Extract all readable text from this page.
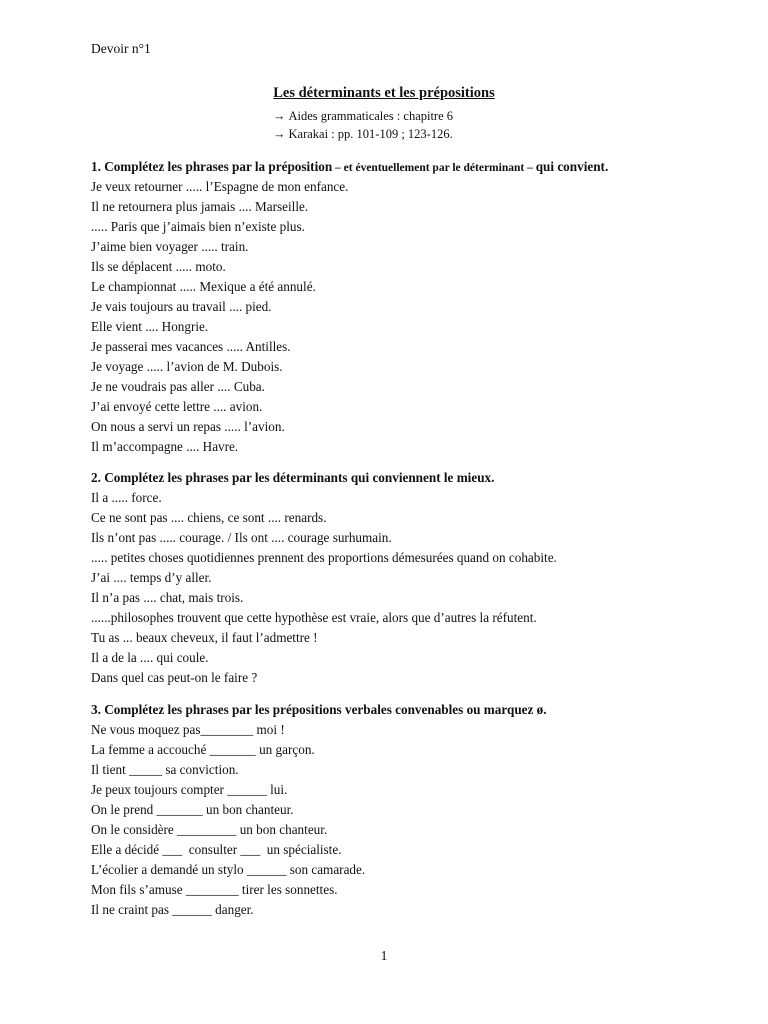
Devoir n°1
Les déterminants et les prépositions
→ Aides grammaticales : chapitre 6
→ Karakai : pp. 101-109 ; 123-126.
1. Complétez les phrases par la préposition – et éventuellement par le déterminant – qui convient.
Je veux retourner ..... l’Espagne de mon enfance.
Il ne retournera plus jamais .... Marseille.
..... Paris que j’aimais bien n’existe plus.
J’aime bien voyager ..... train.
Ils se déplacent ..... moto.
Le championnat ..... Mexique a été annulé.
Je vais toujours au travail .... pied.
Elle vient .... Hongrie.
Je passerai mes vacances ..... Antilles.
Je voyage ..... l’avion de M. Dubois.
Je ne voudrais pas aller .... Cuba.
J’ai envoyé cette lettre .... avion.
On nous a servi un repas ..... l’avion.
Il m’accompagne .... Havre.
2. Complétez les phrases par les déterminants qui conviennent le mieux.
Il a ..... force.
Ce ne sont pas .... chiens, ce sont .... renards.
Ils n’ont pas ..... courage. / Ils ont .... courage surhumain.
..... petites choses quotidiennes prennent des proportions démesurées quand on cohabite.
J’ai .... temps d’y aller.
Il n’a pas .... chat, mais trois.
......philosophes trouvent que cette hypothèse est vraie, alors que d’autres la réfutent.
Tu as ... beaux cheveux, il faut l’admettre !
Il a de la .... qui coule.
Dans quel cas peut-on le faire ?
3. Complétez les phrases par les prépositions verbales convenables ou marquez ø.
Ne vous moquez pas________ moi !
La femme a accouché _______ un garçon.
Il tient _____ sa conviction.
Je peux toujours compter ______ lui.
On le prend _______ un bon chanteur.
On le considère _________ un bon chanteur.
Elle a décidé ___  consulter ___  un spécialiste.
L’écolier a demandé un stylo ______ son camarade.
Mon fils s’amuse ________ tirer les sonnettes.
Il ne craint pas ______ danger.
1
